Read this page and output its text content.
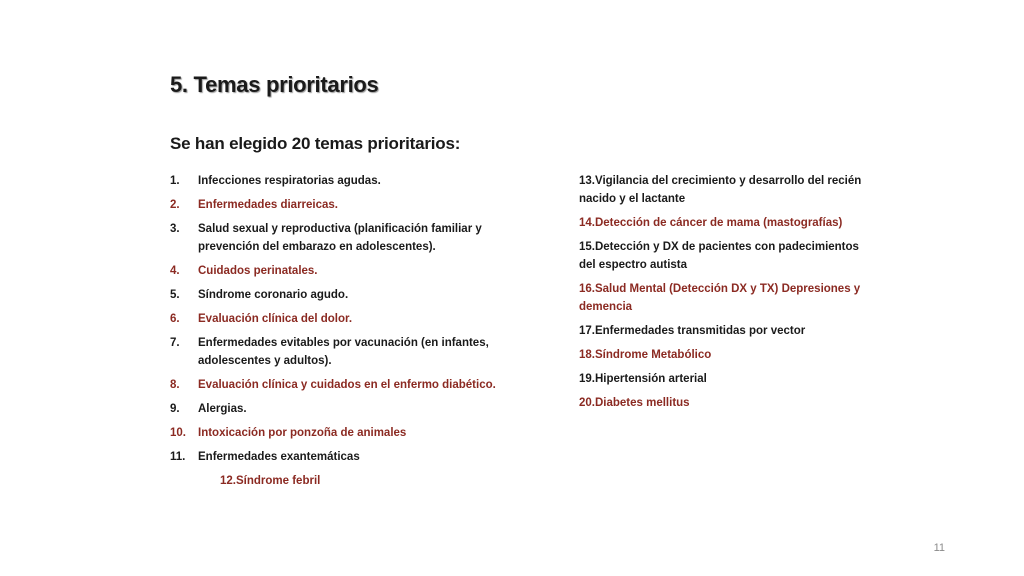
5. Temas prioritarios
Se han elegido 20 temas prioritarios:
1.	Infecciones respiratorias agudas.
2.	Enfermedades diarreicas.
3.	Salud sexual y reproductiva (planificación familiar y prevención del embarazo en adolescentes).
4.	Cuidados perinatales.
5.	Síndrome coronario agudo.
6.	Evaluación clínica del dolor.
7.	Enfermedades evitables por vacunación (en infantes, adolescentes y adultos).
8.	Evaluación clínica y cuidados en el enfermo diabético.
9.	Alergias.
10.	Intoxicación por ponzoña de animales
11.	Enfermedades exantemáticas
12.Síndrome febril
13.Vigilancia del crecimiento y desarrollo del recién nacido y el lactante
14.Detección de cáncer de mama (mastografías)
15.Detección y DX de pacientes con padecimientos del espectro autista
16.Salud Mental (Detección DX y TX) Depresiones y demencia
17.Enfermedades transmitidas por vector
18.Síndrome Metabólico
19.Hipertensión arterial
20.Diabetes mellitus
11
